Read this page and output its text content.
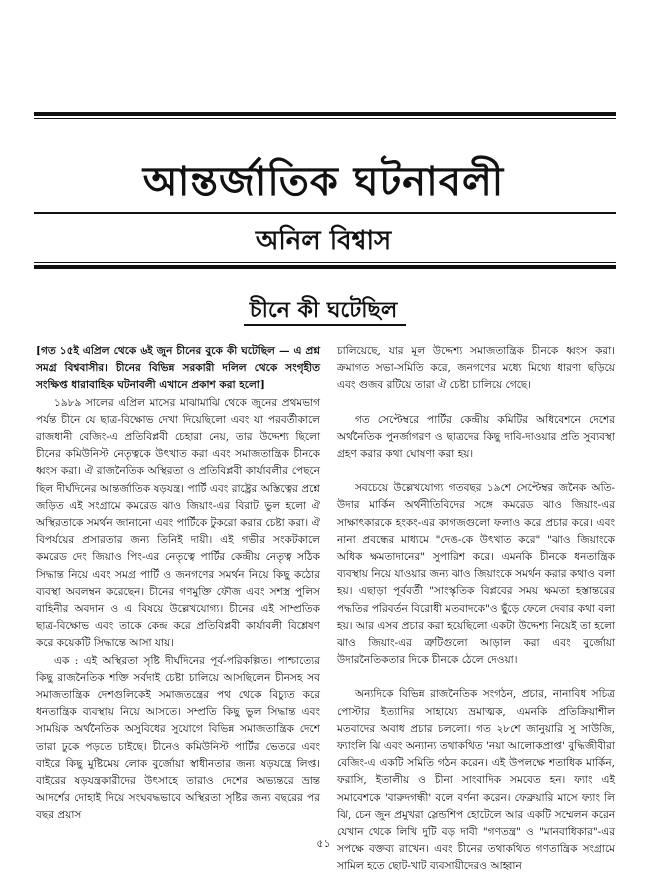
আন্তর্জাতিক ঘটনাবলী
অনিল বিশ্বাস
চীনে কী ঘটেছিল

[গত ১৫ই এপ্রিল থেকে ৬ই জুন চীনের বুকে কী ঘটেছিল — এ প্রশ্ন সমগ্র বিশ্ববাসীর। চীনের বিভিন্ন সরকারী দলিল থেকে সংগৃহীত সংক্ষিপ্ত ধারাবাহিক ঘটনাবলী এখানে প্রকাশ করা হলো]

১৯৮৯ সালের এপ্রিল মাসের মাঝামাঝি থেকে জুনের প্রথমভাগ পর্যন্ত চীনে যে ছাত্র-বিক্ষোভ দেখা দিয়েছিলো এবং যা পরবর্তীকালে রাজধানী বেজিং-এ প্রতিবিপ্লবী চেহারা নেয়, তার উদ্দেশ্য ছিলো চীনের কমিউনিস্ট নেতৃত্বকে উৎখাত করা এবং সমাজতান্ত্রিক চীনকে ধ্বংস করা। ঐ রাজনৈতিক অস্থিরতা ও প্রতিবিপ্লবী কার্যাবলীর পেছনে ছিল দীর্ঘদিনের আন্তর্জাতিক ষড়যন্ত্র। পার্টি এবং রাষ্ট্রের অস্তিত্বের প্রশ্নে জড়িত এই সংগ্রামে কমরেড ঝাও জিয়াং-এর বিরাট ভুল হলো ঐ অস্থিরতাকে সমর্থন জানানো এবং পার্টিকে টুকরো করার চেষ্টা করা। ঐ বিপর্যয়ের প্রসারতার জন্য তিনিই দায়ী। এই গভীর সংকটকালে কমরেড দেং জিয়াও পিং-এর নেতৃত্বে পার্টির কেন্দ্রীয় নেতৃত্ব সঠিক সিদ্ধান্ত নিয়ে এবং সমগ্র পার্টি ও জনগণের সমর্থন নিয়ে কিছু কঠোর ব্যবস্থা অবলম্বন করেছেন। চীনের গণমুক্তি ফৌজ এবং সশস্ত্র পুলিস বাহিনীর অবদান ও এ বিষয়ে উল্লেখযোগ্য। চীনের এই সাম্প্রতিক ছাত্র-বিক্ষোভ এবং তাকে কেন্দ্র করে প্রতিবিপ্লবী কার্যাবলী বিশ্লেষণ করে কয়েকটি সিদ্ধান্তে আসা যায়।

এক : এই অস্থিরতা সৃষ্টি দীর্ঘদিনের পূর্ব-পরিকল্পিত। পাশ্চাত্যের কিছু রাজনৈতিক শক্তি সর্বদাই চেষ্টা চালিয়ে আসছিলেন চীনসহ সব সমাজতান্ত্রিক দেশগুলিকেই সমাজতন্ত্রের পথ থেকে বিচ্যুত করে ধনতান্ত্রিক ব্যবস্থায় নিয়ে আসতে। সম্প্রতি কিছু ভুল সিদ্ধান্ত এবং সাময়িক অর্থনৈতিক অসুবিধের সুযোগে বিভিন্ন সমাজতান্ত্রিক দেশে তারা ঢুকে পড়তে চাইছে। চীনেও কমিউনিস্ট পার্টির ভেতরে এবং বাইরে কিছু মুষ্টিমেয় লোক বুর্জোয়া স্বাধীনতার জন্য ষড়যন্ত্রে লিপ্ত। বাইরের ষড়যন্ত্রকারীদের উৎসাহে তারাও দেশের অভ্যন্তরে ভ্রান্ত আদর্শের দোহাই দিয়ে সংঘবদ্ধভাবে অস্থিরতা সৃষ্টির জন্য বছরের পর বছর প্রয়াস

চালিয়েছে, যার মূল উদ্দেশ্য সমাজতান্ত্রিক চীনকে ধ্বংস করা। ক্রমাগত সভা-সমিতি করে, জনগণের মধ্যে মিথ্যে ধারণা ছড়িয়ে এবং গুজব রটিয়ে তারা ঐ চেষ্টা চালিয়ে গেছে।

গত সেপ্টেম্বরে পার্টির কেন্দ্রীয় কমিটির অধিবেশনে দেশের অর্থনৈতিক পুনর্জাগরণ ও ছাত্রদের কিছু দাবি-দাওয়ার প্রতি সুব্যবস্থা গ্রহণ করার কথা ঘোষণা করা হয়।

সবচেয়ে উল্লেখযোগ্য গতবছর ১৯শে সেপ্টেম্বর জনৈক অতি-উদার মার্কিন অর্থনীতিবিদের সঙ্গে কমরেড ঝাও জিয়াং-এর সাক্ষাৎকারকে হংকং-এর কাগজগুলো ফলাও করে প্রচার করে। এবং নানা প্রবন্ধের মাধ্যমে "দেঙ-কে উৎখাত করে" "ঝাও জিয়াংকে অধিক ক্ষমতাদানের" সুপারিশ করে। এমনকি চীনকে ধনতান্ত্রিক ব্যবস্থায় নিয়ে যাওয়ার জন্য ঝাও জিয়াংকে সমর্থন করার কথাও বলা হয়। এছাড়া পূর্ববর্তী "সাংস্কৃতিক বিপ্লবের সময় ক্ষমতা হস্তান্তরের পদ্ধতির পরিবর্তন বিরোধী মতবাদকে"ও ছুঁড়ে ফেলে দেবার কথা বলা হয়। আর এসব প্রচার করা হয়েছিলো একটা উদ্দেশ্য নিয়েই তা হলো ঝাও জিয়াং-এর ত্রুটিগুলো আড়াল করা এবং বুর্জোয়া উদারনৈতিকতার দিকে চীনকে ঠেলে দেওয়া।

অন্যদিকে বিভিন্ন রাজনৈতিক সংগঠন, প্রচার, নানাবিধ সচিত্র পোস্টার ইত্যাদির সাহায্যে ভ্রমাত্মক, এমনকি প্রতিক্রিয়াশীল মতবাদের অবাধ প্রচার চললো। গত ২৮শে জানুয়ারি সু সাউজি, ফ্যাংলি ঝি এবং অন্যান্য তথাকথিত 'নয়া আলোকপ্রাপ্ত' বুদ্ধিজীবীরা বেজিং-এ একটি সমিতি গঠন করেন। এই উপলক্ষে শতাধিক মার্কিন, ফরাসি, ইতালীয় ও চীনা সাংবাদিক সমবেত হন। ফ্যাং এই সমাবেশকে 'বারুদগন্ধী' বলে বর্ণনা করেন। ফেব্রুয়ারি মাসে ফ্যাং লি ঝি, চেন জুন প্রমুখরা স্লেন্ডশিপ হোটেলে আর একটি সম্মেলন করেন যেখান থেকে লিখি দুটি বড় দাবী "গণতন্ত্র" ও "মানবাধিকার"-এর সপক্ষে বক্তব্য রাখেন। এবং চীনের তথাকথিত গণতান্ত্রিক সংগ্রামে সামিল হতে ছোট-খাট ব্যবসায়ীদেরও আহ্বান

৫১
